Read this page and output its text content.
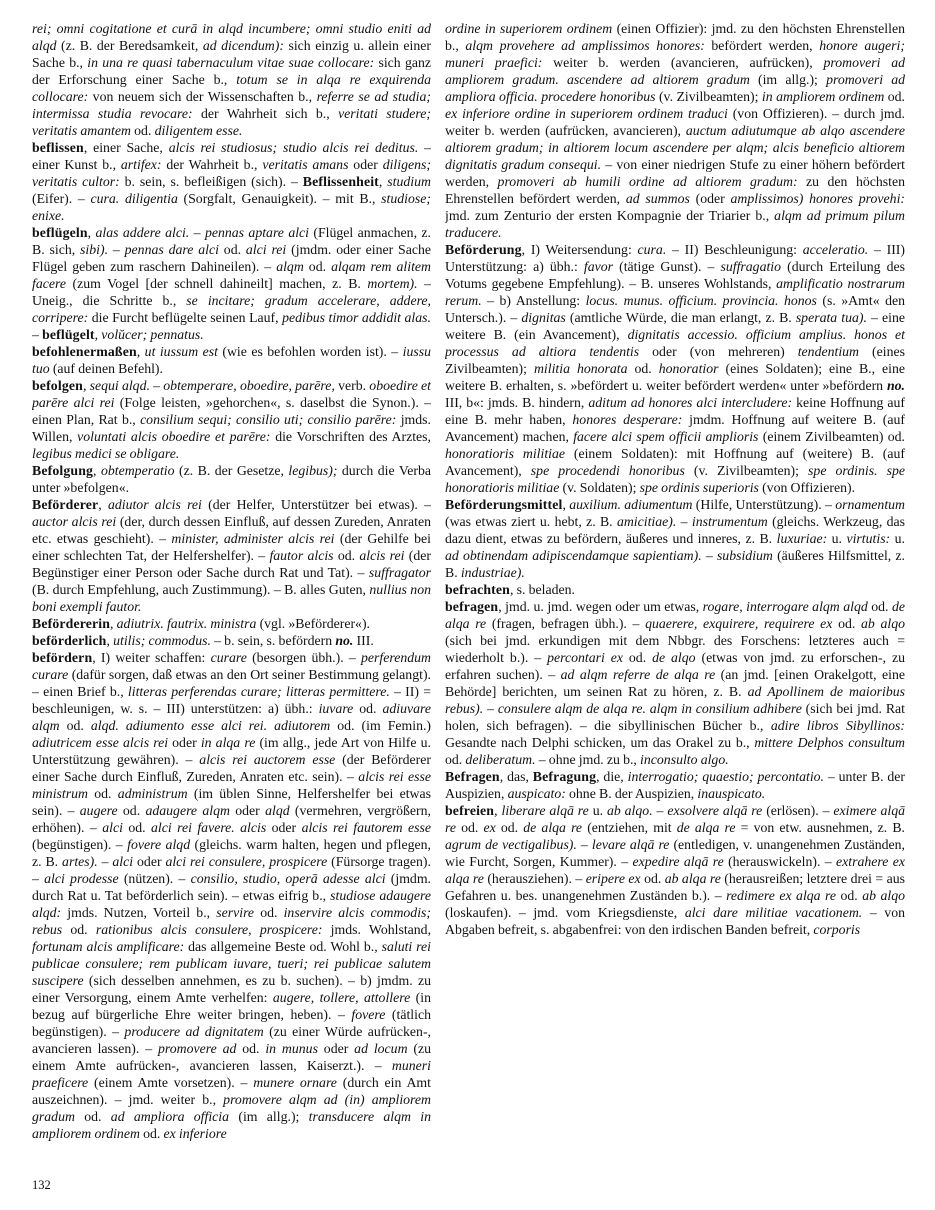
rei; omni cogitatione et curā in alqd incumbere; omni studio eniti ad alqd (z. B. der Beredsamkeit, ad dicendum): sich einzig u. allein einer Sache b., in una re quasi tabernaculum vitae suae collocare: sich ganz der Erforschung einer Sache b., totum se in alqa re exquirenda collocare: von neuem sich der Wissenschaften b., referre se ad studia; intermissa studia revocare: der Wahrheit sich b., veritati studere; veritatis amantem od. diligentem esse.

beflissen, einer Sache, alcis rei studiosus; studio alcis rei deditus. – einer Kunst b., artifex: der Wahrheit b., veritatis amans oder diligens; veritatis cultor: b. sein, s. befleißigen (sich). – Beflissenheit, studium (Eifer). – cura. diligentia (Sorgfalt, Genauigkeit). – mit B., studiose; enixe.

beflügeln, alas addere alci. – pennas aptare alci (Flügel anmachen, z. B. sich, sibi). – pennas dare alci od. alci rei (jmdm. oder einer Sache Flügel geben zum raschern Dahineilen). – alqm od. alqam rem alitem facere (zum Vogel [der schnell dahineilt] machen, z. B. mortem). – Uneig., die Schritte b., se incitare; gradum accelerare, addere, corripere: die Furcht beflügelte seinen Lauf, pedibus timor addidit alas. – beflügelt, volŭcer; pennatus.

befohlenermaßen, ut iussum est (wie es befohlen worden ist). – iussu tuo (auf deinen Befehl).

befolgen, sequi alqd. – obtemperare, oboedire, parēre, verb. oboedire et parēre alci rei (Folge leisten, »gehorchen«, s. daselbst die Synon.). – einen Plan, Rat b., consilium sequi; consilio uti; consilio parēre: jmds. Willen, voluntati alcis oboedire et parēre: die Vorschriften des Arztes, legibus medici se obligare.

Befolgung, obtemperatio (z. B. der Gesetze, legibus); durch die Verba unter »befolgen«.

Beförderer, adiutor alcis rei (der Helfer, Unterstützer bei etwas). – auctor alcis rei (der, durch dessen Einfluß, auf dessen Zureden, Anraten etc. etwas geschieht). – minister, administer alcis rei (der Gehilfe bei einer schlechten Tat, der Helfershelfer). – fautor alcis od. alcis rei (der Begünstiger einer Person oder Sache durch Rat und Tat). – suffragator (B. durch Empfehlung, auch Zustimmung). – B. alles Guten, nullius non boni exempli fautor.

Befördererin, adiutrix. fautrix. ministra (vgl. »Beförderer«).

beförderlich, utilis; commodus. – b. sein, s. befördern no. III.

befördern, I) weiter schaffen: curare (besorgen übh.). – perferendum curare (dafür sorgen, daß etwas an den Ort seiner Bestimmung gelangt). – einen Brief b., litteras perferendas curare; litteras permittere. – II) = beschleunigen, w. s. – III) unterstützen: a) übh.: iuvare od. adiuvare alqm od. alqd. adiumento esse alci rei. adiutorem od. (im Femin.) adiutricem esse alcis rei oder in alqa re (im allg., jede Art von Hilfe u. Unterstützung gewähren). – alcis rei auctorem esse (der Beförderer einer Sache durch Einfluß, Zureden, Anraten etc. sein). – alcis rei esse ministrum od. administrum (im üblen Sinne, Helfershelfer bei etwas sein). – augere od. adaugere alqm oder alqd (vermehren, vergrößern, erhöhen). – alci od. alci rei favere. alcis oder alcis rei fautorem esse (begünstigen). – fovere alqd (gleichs. warm halten, hegen und pflegen, z. B. artes). – alci oder alci rei consulere, prospicere (Fürsorge tragen). – alci prodesse (nützen). – consilio, studio, operā adesse alci (jmdm. durch Rat u. Tat beförderlich sein). – etwas eifrig b., studiose adaugere alqd: jmds. Nutzen, Vorteil b., servire od. inservire alcis commodis; rebus od. rationibus alcis consulere, prospicere: jmds. Wohlstand, fortunam alcis amplificare: das allgemeine Beste od. Wohl b., saluti rei publicae consulere; rem publicam iuvare, tueri; rei publicae salutem suscipere (sich desselben annehmen, es zu b. suchen). – b) jmdm. zu einer Versorgung, einem Amte verhelfen: augere, tollere, attollere (in bezug auf bürgerliche Ehre weiter bringen, heben). – fovere (tätlich begünstigen). – producere ad dignitatem (zu einer Würde aufrücken-, avancieren lassen). – promovere ad od. in munus oder ad locum (zu einem Amte aufrücken-, avancieren lassen, Kaiserzt.). – muneri praeficere (einem Amte vorsetzen). – munere ornare (durch ein Amt auszeichnen). – jmd. weiter b., promovere alqm ad (in) ampliorem gradum od. ad ampliora officia (im allg.); transducere alqm in ampliorem ordinem od. ex inferiore

ordine in superiorem ordinem (einen Offizier): jmd. zu den höchsten Ehrenstellen b., alqm provehere ad amplissimos honores: befördert werden, honore augeri; muneri praefici: weiter b. werden (avancieren, aufrücken), promoveri ad ampliorem gradum. ascendere ad altiorem gradum (im allg.); promoveri ad ampliora officia. procedere honoribus (v. Zivilbeamten); in ampliorem ordinem od. ex inferiore ordine in superiorem ordinem traduci (von Offizieren). – durch jmd. weiter b. werden (aufrücken, avancieren), auctum adiutumque ab alqo ascendere altiorem gradum; in altiorem locum ascendere per alqm; alcis beneficio altiorem dignitatis gradum consequi. – von einer niedrigen Stufe zu einer höhern befördert werden, promoveri ab humili ordine ad altiorem gradum: zu den höchsten Ehrenstellen befördert werden, ad summos (oder amplissimos) honores provehi: jmd. zum Zenturio der ersten Kompagnie der Triarier b., alqm ad primum pilum traducere.

Beförderung, I) Weitersendung: cura. – II) Beschleunigung: acceleratio. – III) Unterstützung: a) übh.: favor (tätige Gunst). – suffragatio (durch Erteilung des Votums gegebene Empfehlung). – B. unseres Wohlstands, amplificatio nostrarum rerum. – b) Anstellung: locus. munus. officium. provincia. honos (s. »Amt« den Untersch.). – dignitas (amtliche Würde, die man erlangt, z. B. sperata tua). – eine weitere B. (ein Avancement), dignitatis accessio. officium amplius. honos et processus ad altiora tendentis oder (von mehreren) tendentium (eines Zivilbeamten); militia honorata od. honoratior (eines Soldaten); eine B., eine weitere B. erhalten, s. »befördert u. weiter befördert werden« unter »befördern no. III, b«: jmds. B. hindern, aditum ad honores alci intercludere: keine Hoffnung auf eine B. mehr haben, honores desperare: jmdm. Hoffnung auf weitere B. (auf Avancement) machen, facere alci spem officii amplioris (einem Zivilbeamten) od. honoratioris militiae (einem Soldaten): mit Hoffnung auf (weitere) B. (auf Avancement), spe procedendi honoribus (v. Zivilbeamten); spe ordinis. spe honoratioris militiae (v. Soldaten); spe ordinis superioris (von Offizieren).

Beförderungsmittel, auxilium. adiumentum (Hilfe, Unterstützung). – ornamentum (was etwas ziert u. hebt, z. B. amicitiae). – instrumentum (gleichs. Werkzeug, das dazu dient, etwas zu befördern, äußeres und inneres, z. B. luxuriae: u. virtutis: u. ad obtinendam adipiscendamque sapientiam). – subsidium (äußeres Hilfsmittel, z. B. industriae).

befrachten, s. beladen.

befragen, jmd. u. jmd. wegen oder um etwas, rogare, interrogare alqm alqd od. de alqa re (fragen, befragen übh.). – quaerere, exquirere, requirere ex od. ab alqo (sich bei jmd. erkundigen mit dem Nbbgr. des Forschens: letzteres auch = wiederholt b.). – percontari ex od. de alqo (etwas von jmd. zu erforschen-, zu erfahren suchen). – ad alqm referre de alqa re (an jmd. [einen Orakelgott, eine Behörde] berichten, um seinen Rat zu hören, z. B. ad Apollinem de maioribus rebus). – consulere alqm de alqa re. alqm in consilium adhibere (sich bei jmd. Rat holen, sich befragen). – die sibyllinischen Bücher b., adire libros Sibyllinos: Gesandte nach Delphi schicken, um das Orakel zu b., mittere Delphos consultum od. deliberatum. – ohne jmd. zu b., inconsulto algo.

Befragen, das, Befragung, die, interrogatio; quaestio; percontatio. – unter B. der Auspizien, auspicato: ohne B. der Auspizien, inauspicato.

befreien, liberare alqā re u. ab alqo. – exsolvere alqā re (erlösen). – eximere alqā re od. ex od. de alqa re (entziehen, mit de alqa re = von etw. ausnehmen, z. B. agrum de vectigalibus). – levare alqā re (entledigen, v. unangenehmen Zuständen, wie Furcht, Sorgen, Kummer). – expedire alqā re (herauswickeln). – extrahere ex alqa re (herausziehen). – eripere ex od. ab alqa re (herausreißen; letztere drei = aus Gefahren u. bes. unangenehmen Zuständen b.). – redimere ex alqa re od. ab alqo (loskaufen). – jmd. vom Kriegsdienste, alci dare militiae vacationem. – von Abgaben befreit, s. abgabenfrei: von den irdischen Banden befreit, corporis

132
